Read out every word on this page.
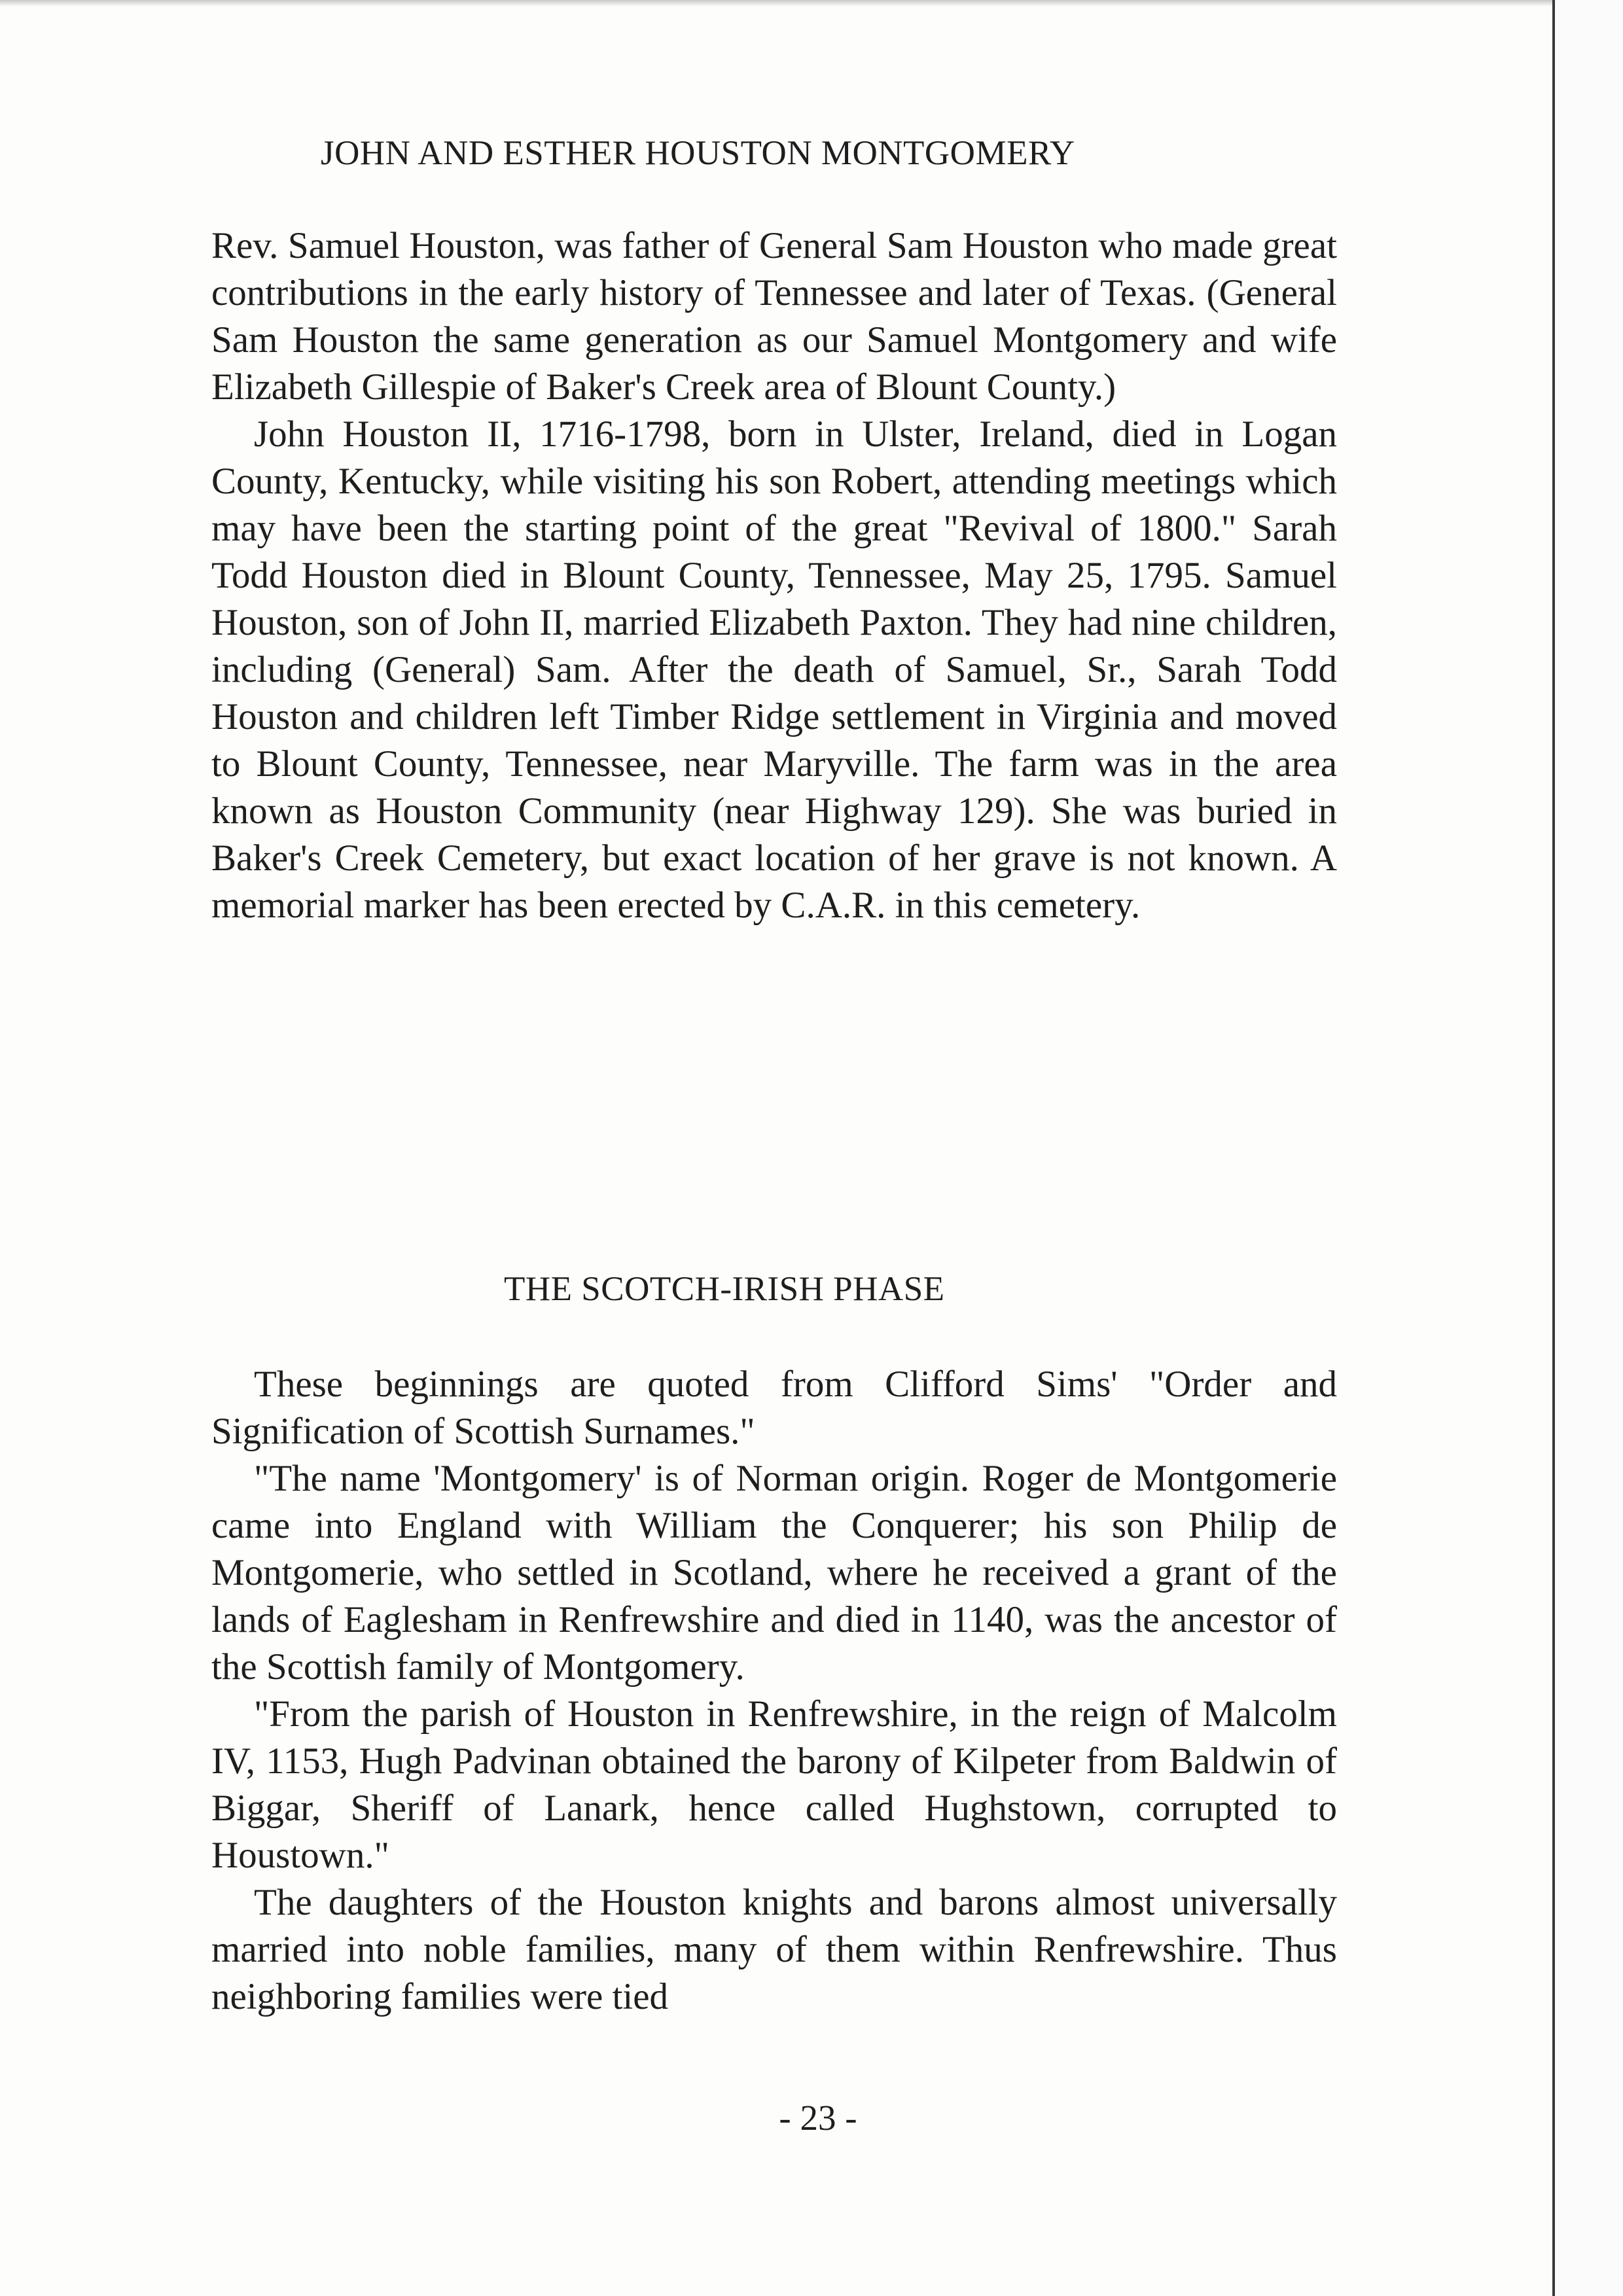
JOHN AND ESTHER HOUSTON MONTGOMERY

Rev. Samuel Houston, was father of General Sam Houston who made great contributions in the early history of Tennessee and later of Texas. (General Sam Houston the same generation as our Samuel Montgomery and wife Elizabeth Gillespie of Baker's Creek area of Blount County.)

John Houston II, 1716-1798, born in Ulster, Ireland, died in Logan County, Kentucky, while visiting his son Robert, attending meetings which may have been the starting point of the great "Revival of 1800." Sarah Todd Houston died in Blount County, Tennessee, May 25, 1795. Samuel Houston, son of John II, married Elizabeth Paxton. They had nine children, including (General) Sam. After the death of Samuel, Sr., Sarah Todd Houston and children left Timber Ridge settlement in Virginia and moved to Blount County, Tennessee, near Maryville. The farm was in the area known as Houston Community (near Highway 129). She was buried in Baker's Creek Cemetery, but exact location of her grave is not known. A memorial marker has been erected by C.A.R. in this cemetery.

THE SCOTCH-IRISH PHASE

These beginnings are quoted from Clifford Sims' "Order and Signification of Scottish Surnames."

"The name 'Montgomery' is of Norman origin. Roger de Montgomerie came into England with William the Conquerer; his son Philip de Montgomerie, who settled in Scotland, where he received a grant of the lands of Eaglesham in Renfrewshire and died in 1140, was the ancestor of the Scottish family of Montgomery.

"From the parish of Houston in Renfrewshire, in the reign of Malcolm IV, 1153, Hugh Padvinan obtained the barony of Kilpeter from Baldwin of Biggar, Sheriff of Lanark, hence called Hughstown, corrupted to Houstown."

The daughters of the Houston knights and barons almost universally married into noble families, many of them within Renfrewshire. Thus neighboring families were tied

- 23 -
